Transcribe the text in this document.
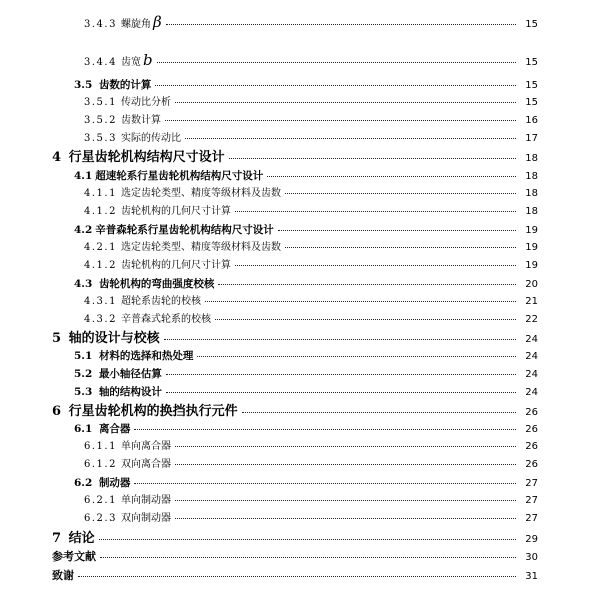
3.4.3 螺旋角 β	15
3.4.4 齿宽 b	15
3.5 齿数的计算	15
3.5.1 传动比分析	15
3.5.2 齿数计算	16
3.5.3 实际的传动比	17
4 行星齿轮机构结构尺寸设计	18
4.1 超速轮系行星齿轮机构结构尺寸设计	18
4.1.1 选定齿轮类型、精度等级材料及齿数	18
4.1.2 齿轮机构的几何尺寸计算	18
4.2 辛普森轮系行星齿轮机构结构尺寸设计	19
4.2.1 选定齿轮类型、精度等级材料及齿数	19
4.1.2 齿轮机构的几何尺寸计算	19
4.3 齿轮机构的弯曲强度校核	20
4.3.1 超轮系齿轮的校核	21
4.3.2 辛普森式轮系的校核	22
5 轴的设计与校核	24
5.1 材料的选择和热处理	24
5.2 最小轴径估算	24
5.3 轴的结构设计	24
6 行星齿轮机构的换挡执行元件	26
6.1 离合器	26
6.1.1 单向离合器	26
6.1.2 双向离合器	26
6.2 制动器	27
6.2.1 单向制动器	27
6.2.3 双向制动器	27
7 结论	29
参考文献	30
致谢	31
